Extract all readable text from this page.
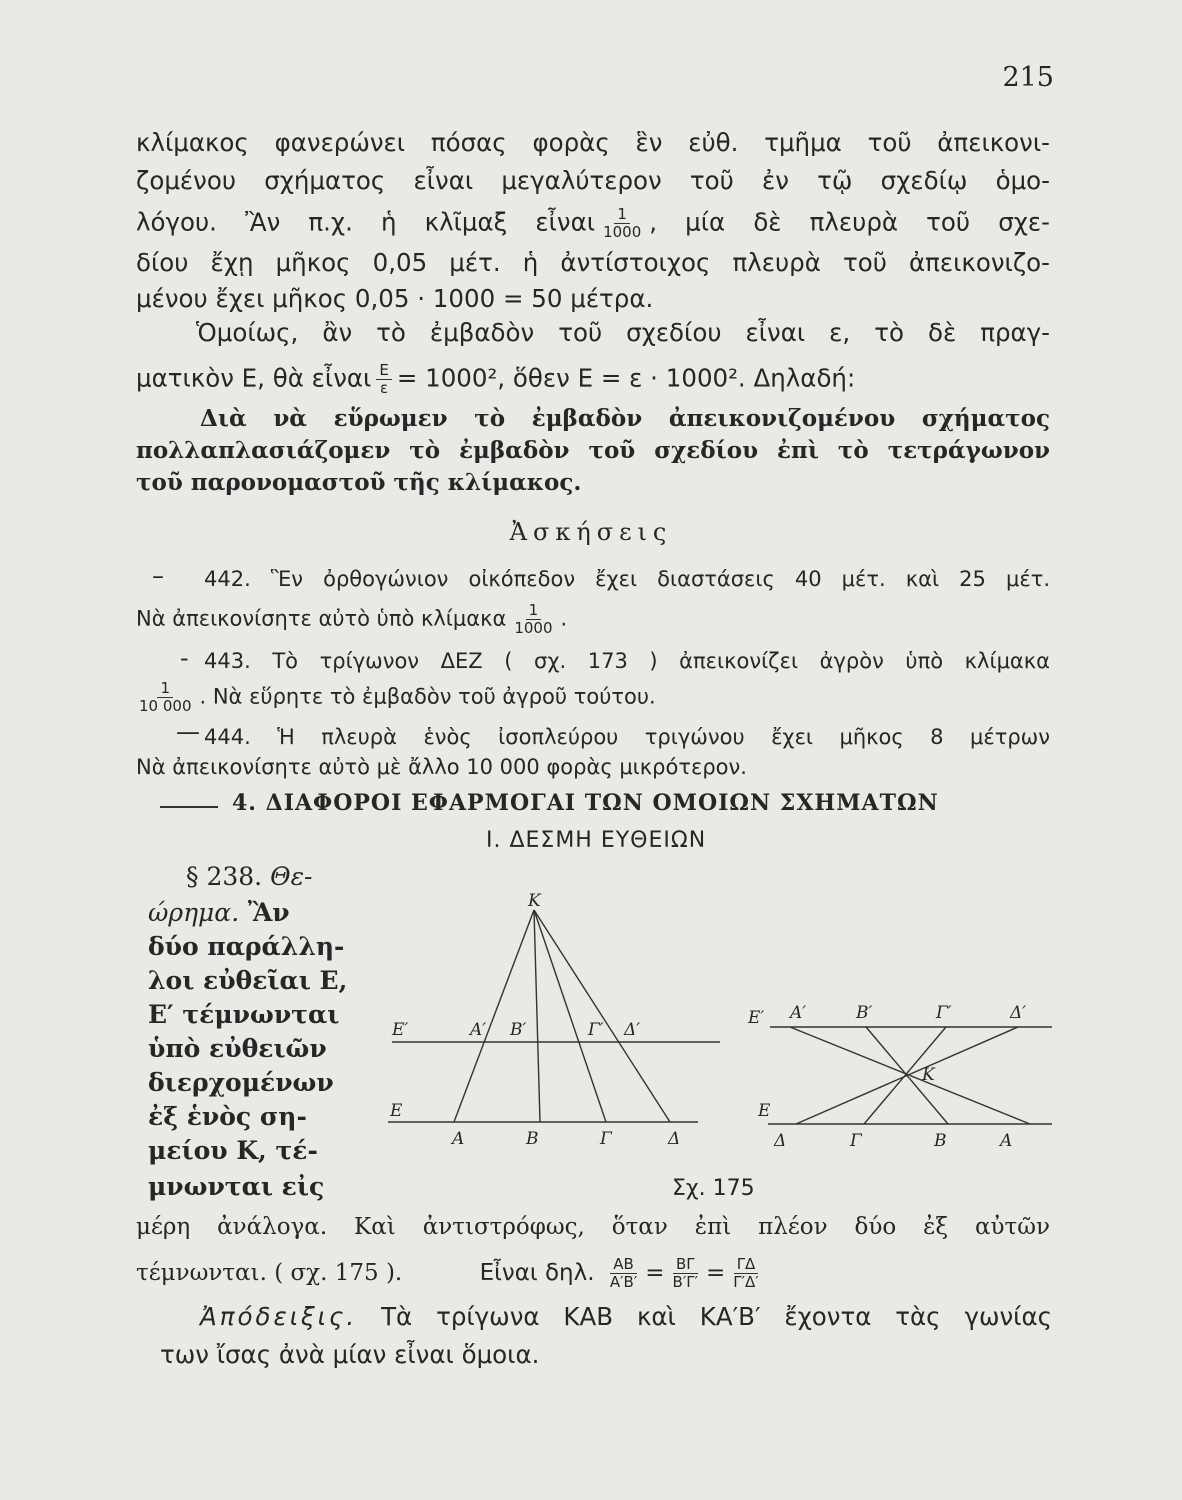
215
κλίμακος φανερώνει πόσας φορὰς ἓν εὐθ. τμῆμα τοῦ ἀπεικονι-
ζομένου σχήματος εἶναι μεγαλύτερον τοῦ ἐν τῷ σχεδίῳ ὁμο-
λόγου. Ἂν π.χ. ἡ κλῖμαξ εἶναι $\frac{1}{1000}$ , μία δὲ πλευρὰ τοῦ σχε-
δίου ἔχῃ μῆκος 0,05 μέτ. ἡ ἀντίστοιχος πλευρὰ τοῦ ἀπεικονιζο-
μένου ἔχει μῆκος 0,05 · 1000 = 50 μέτρα.
Ὁμοίως, ἂν τὸ ἐμβαδὸν τοῦ σχεδίου εἶναι ε, τὸ δὲ πραγ-
ματικὸν Ε, θὰ εἶναι $\frac{E}{\varepsilon} = 1000^2$, ὅθεν Ε = ε · 1000². Δηλαδή:
Διὰ νὰ εὕρωμεν τὸ ἐμβαδὸν ἀπεικονιζομένου σχήματος
πολλαπλασιάζομεν τὸ ἐμβαδὸν τοῦ σχεδίου ἐπὶ τὸ τετράγωνον
τοῦ παρονομαστοῦ τῆς κλίμακος.
Ἀσκήσεις
– 442. Ἓν ὀρθογώνιον οἰκόπεδον ἔχει διαστάσεις 40 μέτ. καὶ 25 μέτ.
Νὰ ἀπεικονίσητε αὐτὸ ὑπὸ κλίμακα $\frac{1}{1000}$ .
- 443. Τὸ τρίγωνον ΔΕΖ ( σχ. 173 ) ἀπεικονίζει ἀγρὸν ὑπὸ κλίμακα
$\frac{1}{10 000}$ . Νὰ εὕρητε τὸ ἐμβαδὸν τοῦ ἀγροῦ τούτου.
— 444. Ἡ πλευρὰ ἑνὸς ἰσοπλεύρου τριγώνου ἔχει μῆκος 8 μέτρων
Νὰ ἀπεικονίσητε αὐτὸ μὲ ἄλλο 10 000 φορὰς μικρότερον.
4. ΔΙΑΦΟΡΟΙ ΕΦΑΡΜΟΓΑΙ ΤΩΝ ΟΜΟΙΩΝ ΣΧΗΜΑΤΩΝ
Ι. ΔΕΣΜΗ ΕΥΘΕΙΩΝ
§ 238. Θε-
ώρημα. Ἂν
δύο παράλλη-
λοι εὐθεῖαι Ε,
Ε′ τέμνωνται
ὑπὸ εὐθειῶν
διερχομένων
ἐξ ἑνὸς ση-
μείου Κ, τέ-
μνωνται εἰς
Κ
Ε′	Α′ Β′	Γ′ Δ′
Ε
Α	Β	Γ	Δ
Ε′ Α′	Β′	Γ′	Δ′
Κ
Ε
Δ	Γ	Β	Α
Σχ. 175
μέρη ἀνάλογα. Καὶ ἀντιστρόφως, ὅταν ἐπὶ πλέον δύο ἐξ αὐτῶν
τέμνωνται. ( σχ. 175 ).	Εἶναι δηλ. $\frac{AB}{A'B'} = \frac{B\Gamma}{B'\Gamma'} = \frac{\Gamma\Delta}{\Gamma'\Delta'}$
Ἀπόδειξις. Τὰ τρίγωνα ΚΑΒ καὶ ΚΑ′Β′ ἔχοντα τὰς γωνίας
των ἴσας ἀνὰ μίαν εἶναι ὅμοια.
